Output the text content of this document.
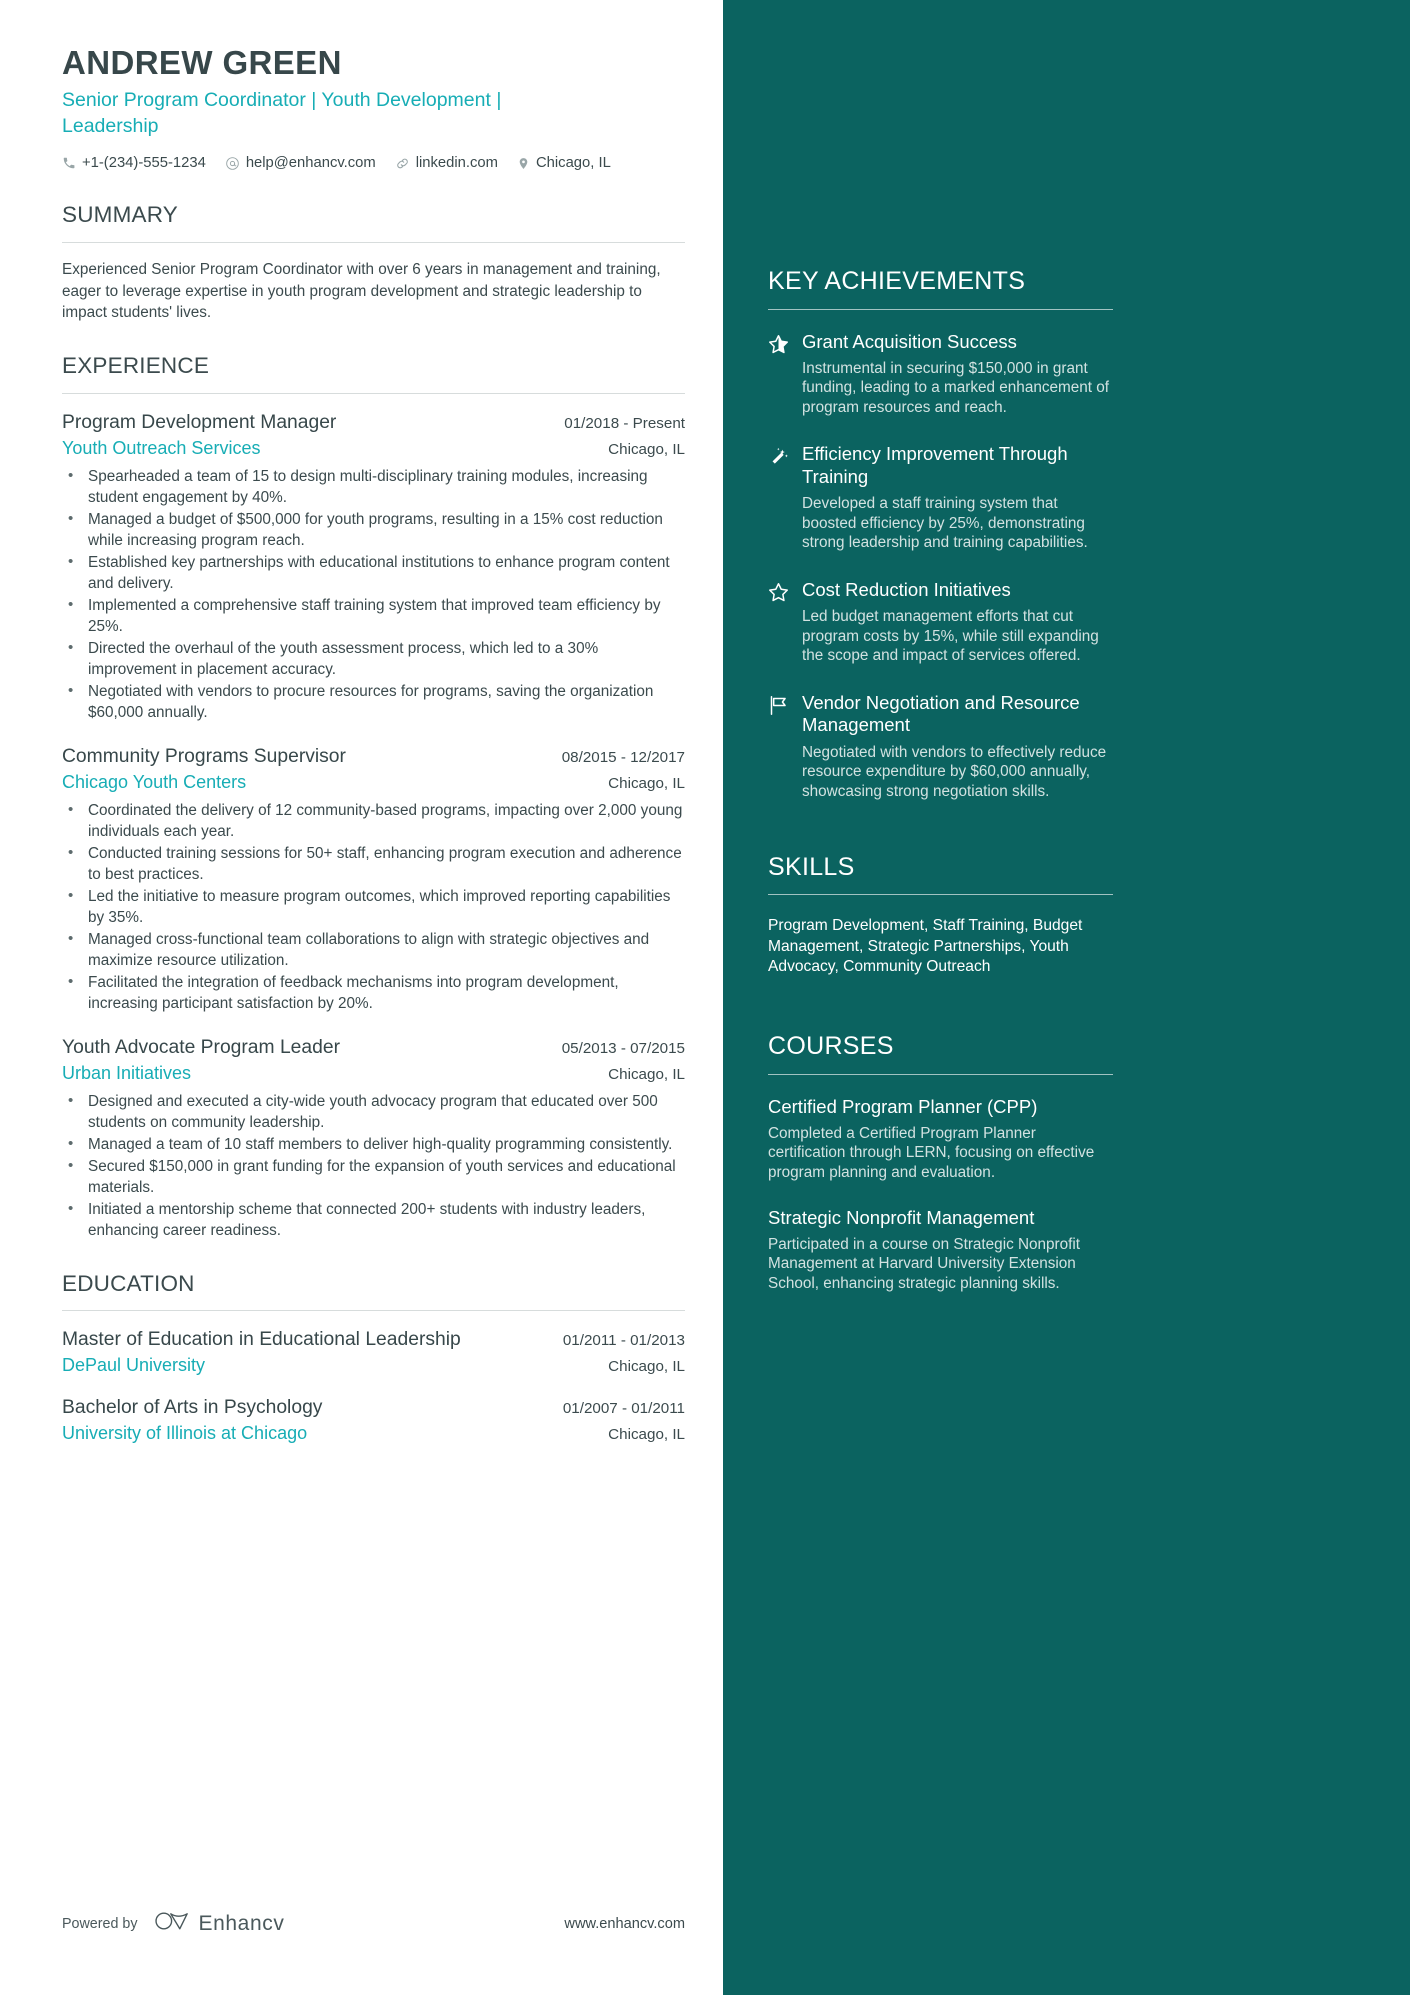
KEY ACHIEVEMENTS
Grant Acquisition Success
Instrumental in securing $150,000 in grant funding, leading to a marked enhancement of program resources and reach.
Efficiency Improvement Through Training
Developed a staff training system that boosted efficiency by 25%, demonstrating strong leadership and training capabilities.
Cost Reduction Initiatives
Led budget management efforts that cut program costs by 15%, while still expanding the scope and impact of services offered.
Vendor Negotiation and Resource Management
Negotiated with vendors to effectively reduce resource expenditure by $60,000 annually, showcasing strong negotiation skills.
SKILLS
Program Development, Staff Training, Budget Management, Strategic Partnerships, Youth Advocacy, Community Outreach
COURSES
Certified Program Planner (CPP)
Completed a Certified Program Planner certification through LERN, focusing on effective program planning and evaluation.
Strategic Nonprofit Management
Participated in a course on Strategic Nonprofit Management at Harvard University Extension School, enhancing strategic planning skills.
ANDREW GREEN
Senior Program Coordinator | Youth Development | Leadership
+1-(234)-555-1234	help@enhancv.com	linkedin.com	Chicago, IL
SUMMARY

Experienced Senior Program Coordinator with over 6 years in management and training, eager to leverage expertise in youth program development and strategic leadership to impact students' lives.

EXPERIENCE
Program Development Manager	01/2018 - Present
Youth Outreach Services	Chicago, IL
• Spearheaded a team of 15 to design multi-disciplinary training modules, increasing student engagement by 40%.
• Managed a budget of $500,000 for youth programs, resulting in a 15% cost reduction while increasing program reach.
• Established key partnerships with educational institutions to enhance program content and delivery.
• Implemented a comprehensive staff training system that improved team efficiency by 25%.
• Directed the overhaul of the youth assessment process, which led to a 30% improvement in placement accuracy.
• Negotiated with vendors to procure resources for programs, saving the organization $60,000 annually.
Community Programs Supervisor	08/2015 - 12/2017
Chicago Youth Centers	Chicago, IL
• Coordinated the delivery of 12 community-based programs, impacting over 2,000 young individuals each year.
• Conducted training sessions for 50+ staff, enhancing program execution and adherence to best practices.
• Led the initiative to measure program outcomes, which improved reporting capabilities by 35%.
• Managed cross-functional team collaborations to align with strategic objectives and maximize resource utilization.
• Facilitated the integration of feedback mechanisms into program development, increasing participant satisfaction by 20%.
Youth Advocate Program Leader	05/2013 - 07/2015
Urban Initiatives	Chicago, IL
• Designed and executed a city-wide youth advocacy program that educated over 500 students on community leadership.
• Managed a team of 10 staff members to deliver high-quality programming consistently.
• Secured $150,000 in grant funding for the expansion of youth services and educational materials.
• Initiated a mentorship scheme that connected 200+ students with industry leaders, enhancing career readiness.
EDUCATION
Master of Education in Educational Leadership	01/2011 - 01/2013
DePaul University	Chicago, IL
Bachelor of Arts in Psychology	01/2007 - 01/2011
University of Illinois at Chicago	Chicago, IL
Powered by	Enhancv	www.enhancv.com
